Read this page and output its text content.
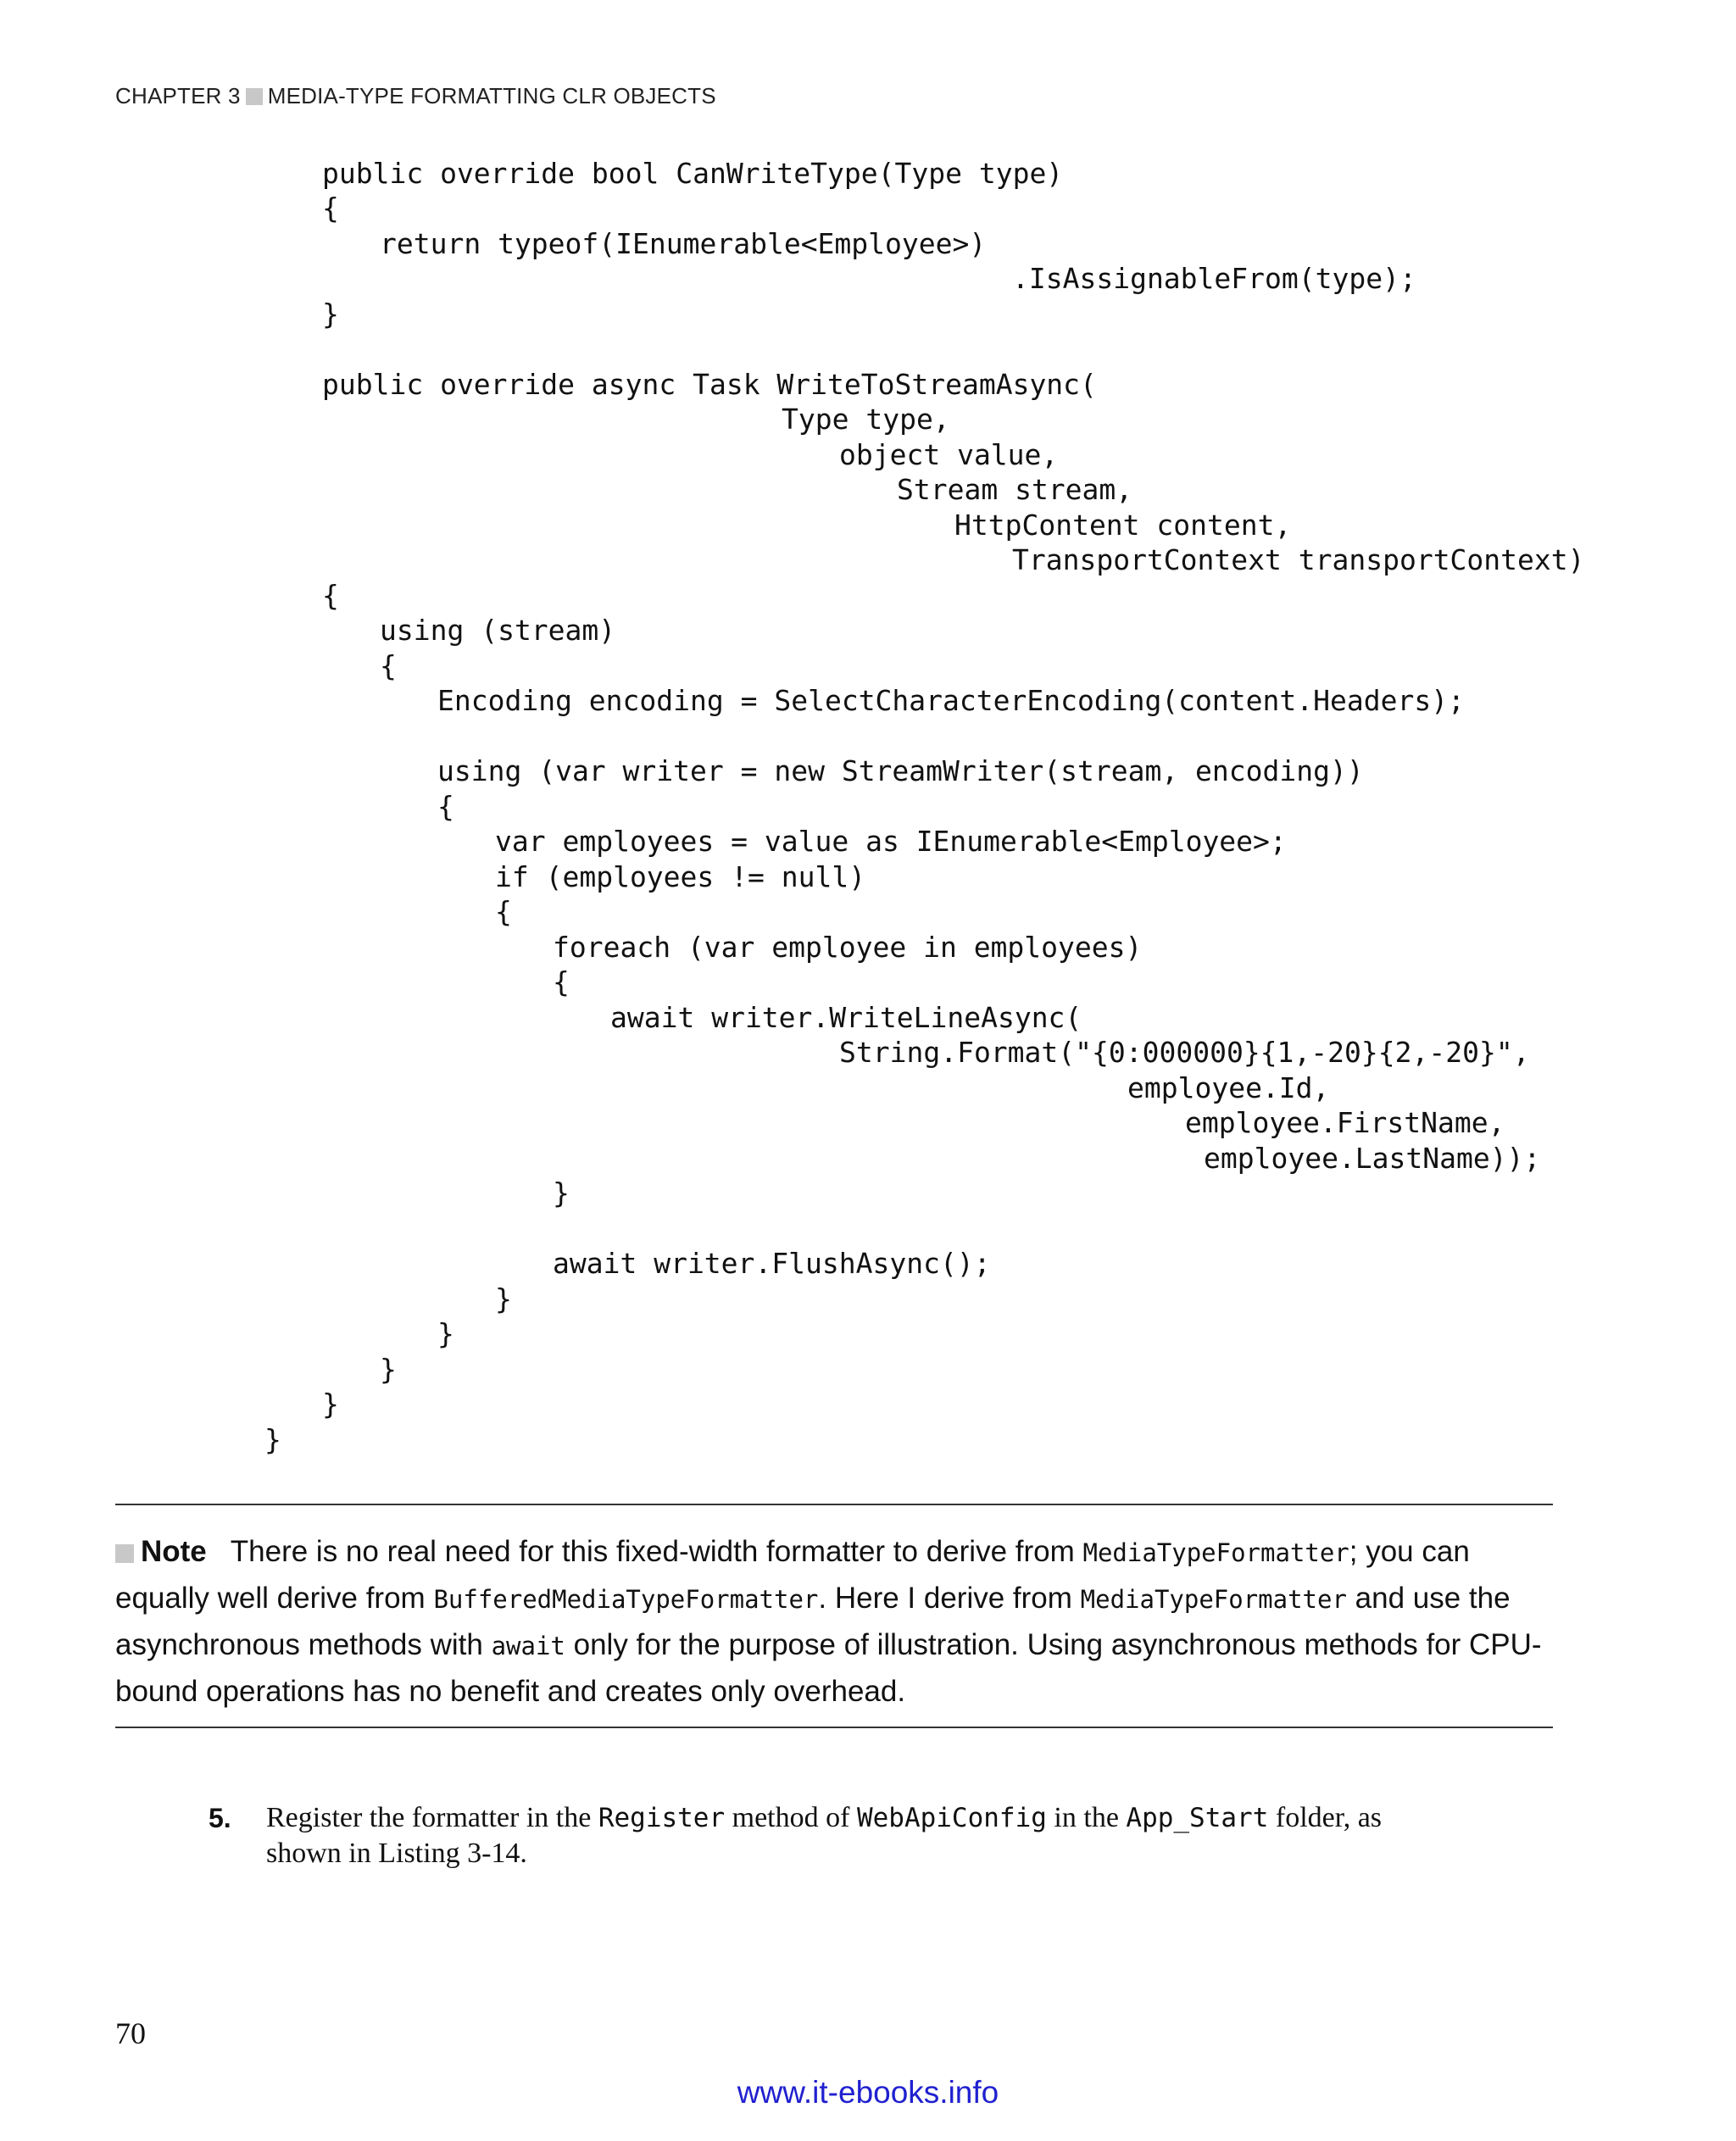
CHAPTER 3 MEDIA-TYPE FORMATTING CLR OBJECTS
public override bool CanWriteType(Type type)
{
return typeof(IEnumerable<Employee>)
.IsAssignableFrom(type);
}
public override async Task WriteToStreamAsync(
Type type,
object value,
Stream stream,
HttpContent content,
TransportContext transportContext)
{
using (stream)
{
Encoding encoding = SelectCharacterEncoding(content.Headers);
using (var writer = new StreamWriter(stream, encoding))
{
var employees = value as IEnumerable<Employee>;
if (employees != null)
{
foreach (var employee in employees)
{
await writer.WriteLineAsync(
String.Format("{0:000000}{1,-20}{2,-20}",
employee.Id,
employee.FirstName,
employee.LastName));
}
await writer.FlushAsync();
}
}
}
}
}
Note There is no real need for this fixed-width formatter to derive from MediaTypeFormatter; you can equally well derive from BufferedMediaTypeFormatter. Here I derive from MediaTypeFormatter and use the asynchronous methods with await only for the purpose of illustration. Using asynchronous methods for CPU-bound operations has no benefit and creates only overhead.
5. Register the formatter in the Register method of WebApiConfig in the App_Start folder, as shown in Listing 3-14.
70
www.it-ebooks.info
